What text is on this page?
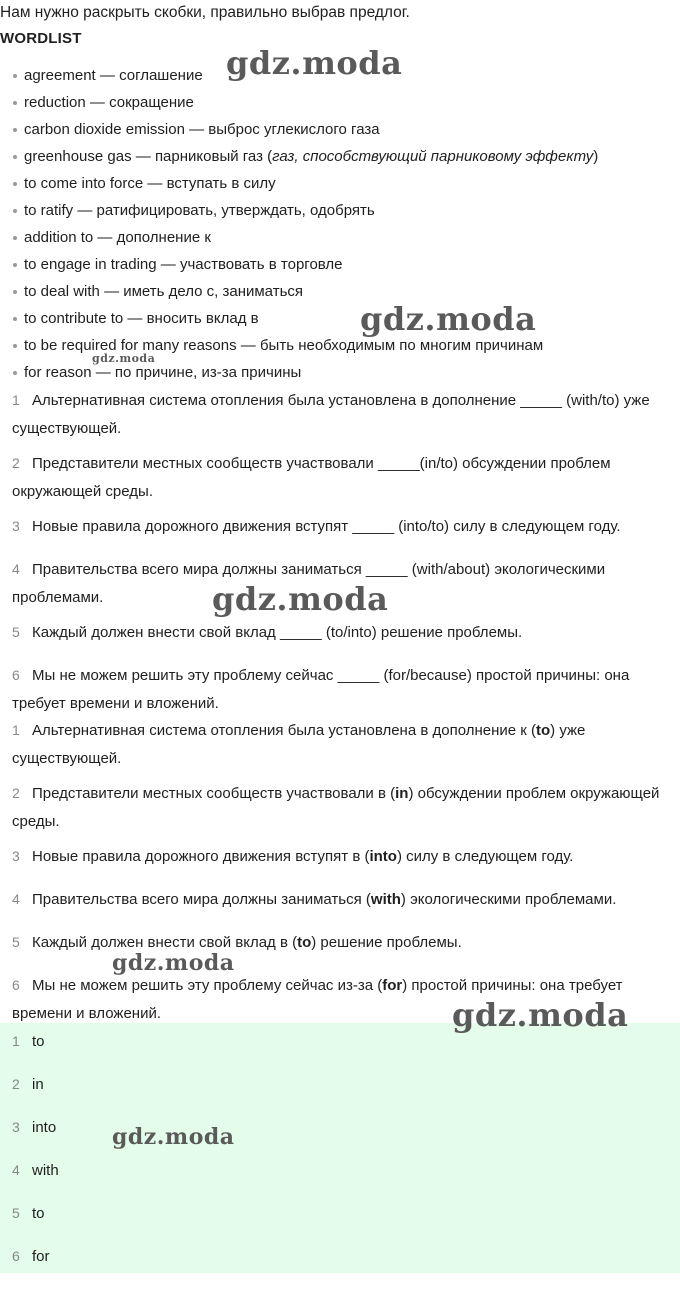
Нам нужно раскрыть скобки, правильно выбрав предлог.
WORDLIST
agreement — соглашение
reduction — сокращение
carbon dioxide emission — выброс углекислого газа
greenhouse gas — парниковый газ (газ, способствующий парниковому эффекту)
to come into force — вступать в силу
to ratify — ратифицировать, утверждать, одобрять
addition to — дополнение к
to engage in trading — участвовать в торговле
to deal with — иметь дело с, заниматься
to contribute to — вносить вклад в
to be required for many reasons — быть необходимым по многим причинам
for reason — по причине, из-за причины
1 Альтернативная система отопления была установлена в дополнение _____ (with/to) уже существующей.
2 Представители местных сообществ участвовали _____(in/to) обсуждении проблем окружающей среды.
3 Новые правила дорожного движения вступят _____ (into/to) силу в следующем году.
4 Правительства всего мира должны заниматься _____ (with/about) экологическими проблемами.
5 Каждый должен внести свой вклад _____ (to/into) решение проблемы.
6 Мы не можем решить эту проблему сейчас _____ (for/because) простой причины: она требует времени и вложений.
1 Альтернативная система отопления была установлена в дополнение к (to) уже существующей.
2 Представители местных сообществ участвовали в (in) обсуждении проблем окружающей среды.
3 Новые правила дорожного движения вступят в (into) силу в следующем году.
4 Правительства всего мира должны заниматься (with) экологическими проблемами.
5 Каждый должен внести свой вклад в (to) решение проблемы.
6 Мы не можем решить эту проблему сейчас из-за (for) простой причины: она требует времени и вложений.
1 to
2 in
3 into
4 with
5 to
6 for
gdz.moda
gdz.moda
gdz.moda
gdz.moda
gdz.moda
gdz.moda
gdz.moda
